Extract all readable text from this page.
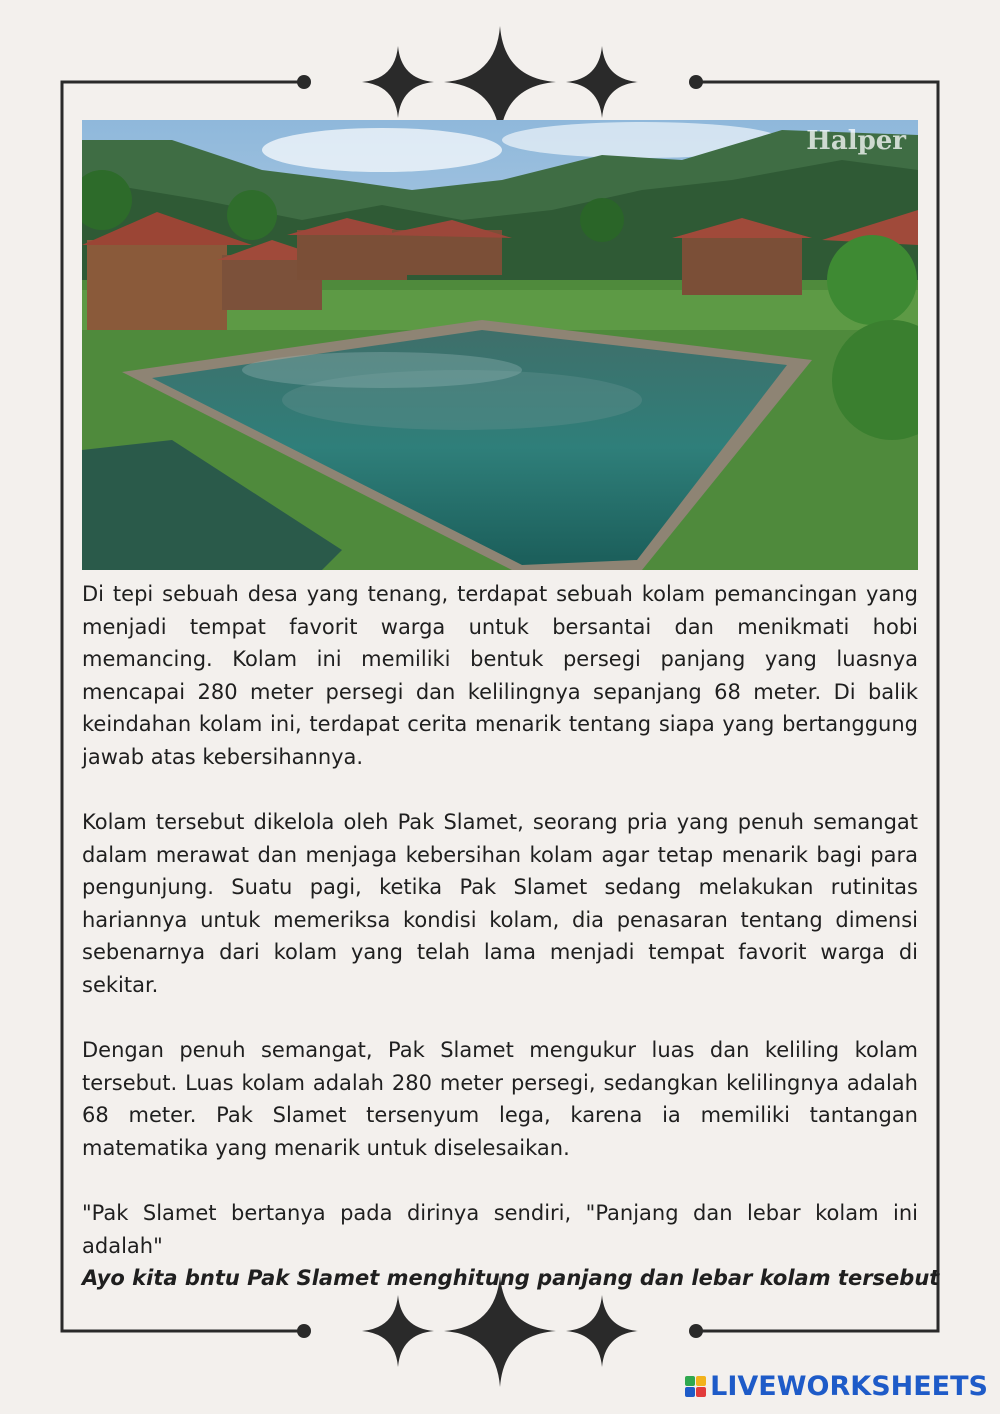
Halper

Di tepi sebuah desa yang tenang, terdapat sebuah kolam pemancingan yang menjadi tempat favorit warga untuk bersantai dan menikmati hobi memancing. Kolam ini memiliki bentuk persegi panjang yang luasnya mencapai 280 meter persegi dan kelilingnya sepanjang 68 meter. Di balik keindahan kolam ini, terdapat cerita menarik tentang siapa yang bertanggung jawab atas kebersihannya.

Kolam tersebut dikelola oleh Pak Slamet, seorang pria yang penuh semangat dalam merawat dan menjaga kebersihan kolam agar tetap menarik bagi para pengunjung. Suatu pagi, ketika Pak Slamet sedang melakukan rutinitas hariannya untuk memeriksa kondisi kolam, dia penasaran tentang dimensi sebenarnya dari kolam yang telah lama menjadi tempat favorit warga di sekitar.

Dengan penuh semangat, Pak Slamet mengukur luas dan keliling kolam tersebut. Luas kolam adalah 280 meter persegi, sedangkan kelilingnya adalah 68 meter. Pak Slamet tersenyum lega, karena ia memiliki tantangan matematika yang menarik untuk diselesaikan.

"Pak Slamet bertanya pada dirinya sendiri, "Panjang dan lebar kolam ini adalah"

Ayo kita bntu Pak Slamet menghitung panjang dan lebar kolam tersebut

LIVEWORKSHEETS
